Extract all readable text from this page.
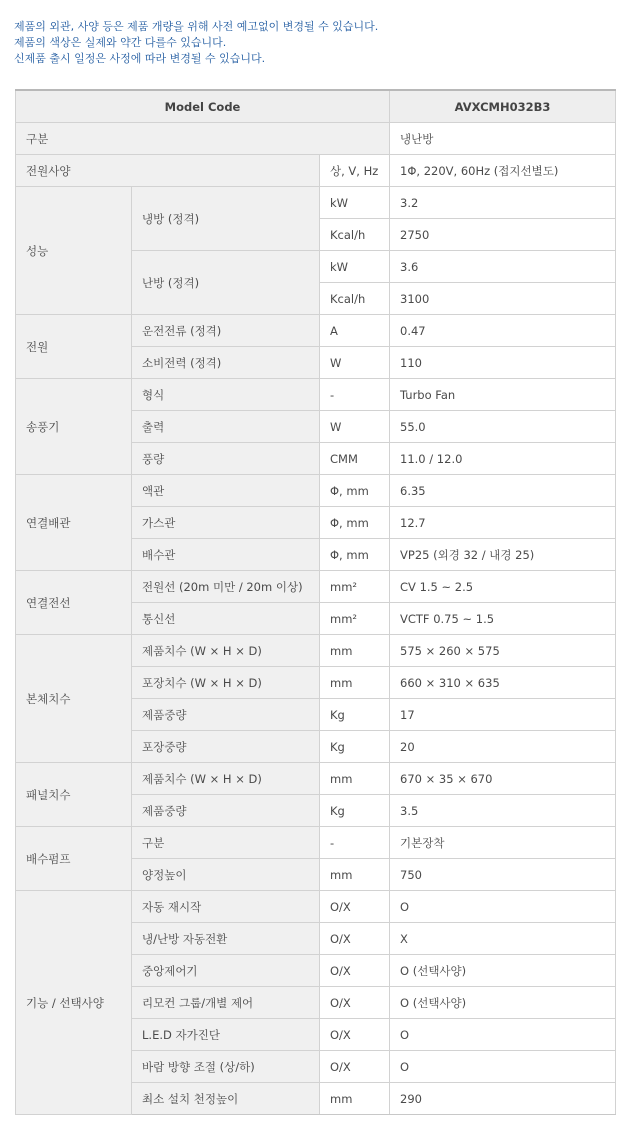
제품의 외관, 사양 등은 제품 개량을 위해 사전 예고없이 변경될 수 있습니다.
제품의 색상은 실제와 약간 다를수 있습니다.
신제품 출시 일정은 사정에 따라 변경될 수 있습니다.
Model Code			AVXCMH032B3
구분			냉난방
전원사양		상, V, Hz	1Φ, 220V, 60Hz (접지선별도)
성능	냉방 (정격)	kW	3.2
		Kcal/h	2750
	난방 (정격)	kW	3.6
		Kcal/h	3100
전원	운전전류 (정격)	A	0.47
	소비전력 (정격)	W	110
송풍기	형식	-	Turbo Fan
	출력	W	55.0
	풍량	CMM	11.0 / 12.0
연결배관	액관	Φ, mm	6.35
	가스관	Φ, mm	12.7
	배수관	Φ, mm	VP25 (외경 32 / 내경 25)
연결전선	전원선 (20m 미만 / 20m 이상)	mm²	CV 1.5 ~ 2.5
	통신선	mm²	VCTF 0.75 ~ 1.5
본체치수	제품치수 (W × H × D)	mm	575 × 260 × 575
	포장치수 (W × H × D)	mm	660 × 310 × 635
	제품중량	Kg	17
	포장중량	Kg	20
패널치수	제품치수 (W × H × D)	mm	670 × 35 × 670
	제품중량	Kg	3.5
배수펌프	구분	-	기본장착
	양정높이	mm	750
기능 / 선택사양	자동 재시작	O/X	O
	냉/난방 자동전환	O/X	X
	중앙제어기	O/X	O (선택사양)
	리모컨 그룹/개별 제어	O/X	O (선택사양)
	L.E.D 자가진단	O/X	O
	바람 방향 조절 (상/하)	O/X	O
	최소 설치 천정높이	mm	290
